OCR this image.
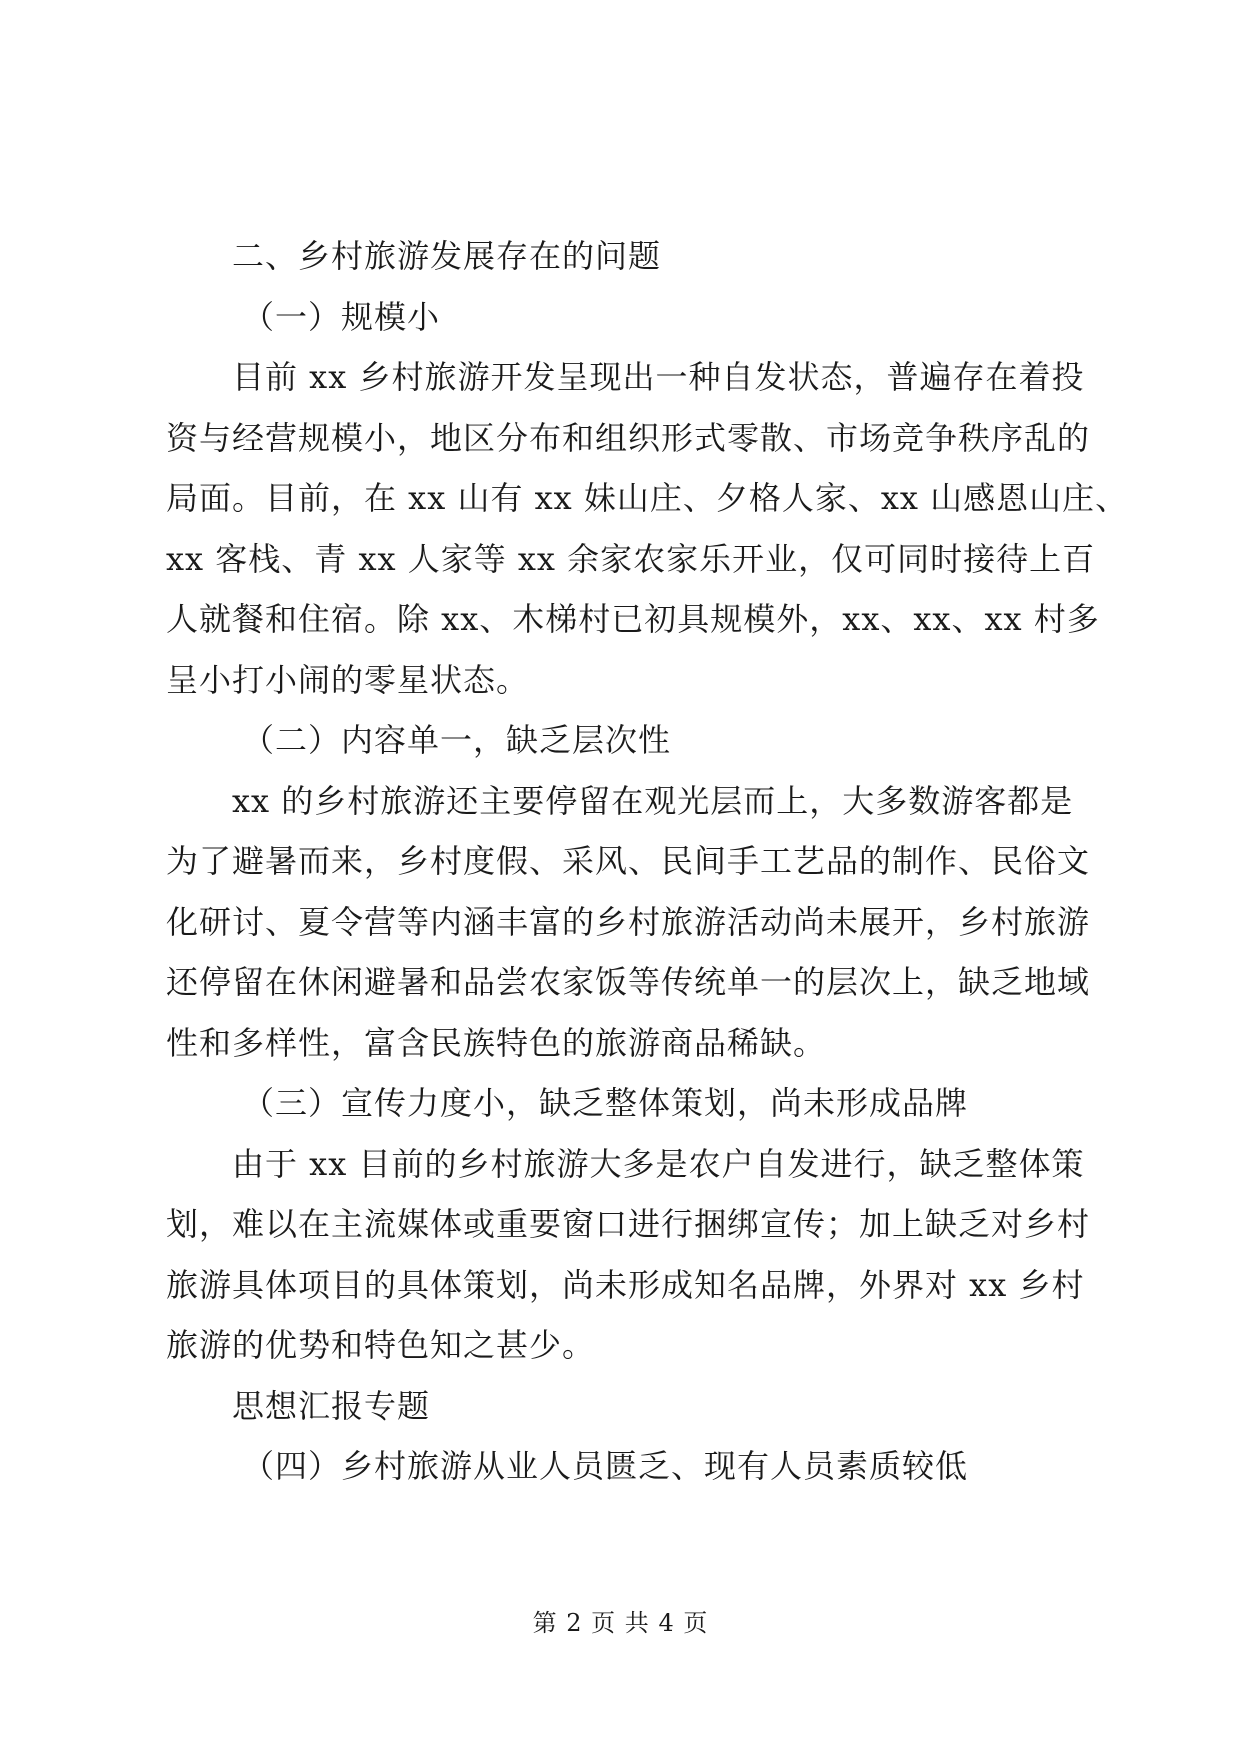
二、乡村旅游发展存在的问题
（一）规模小
目前 xx 乡村旅游开发呈现出一种自发状态，普遍存在着投
资与经营规模小，地区分布和组织形式零散、市场竞争秩序乱的
局面。目前，在 xx 山有 xx 妹山庄、夕格人家、xx 山感恩山庄、
xx 客栈、青 xx 人家等 xx 余家农家乐开业，仅可同时接待上百
人就餐和住宿。除 xx、木梯村已初具规模外，xx、xx、xx 村多
呈小打小闹的零星状态。
（二）内容单一，缺乏层次性
xx 的乡村旅游还主要停留在观光层而上，大多数游客都是
为了避暑而来，乡村度假、采风、民间手工艺品的制作、民俗文
化研讨、夏令营等内涵丰富的乡村旅游活动尚未展开，乡村旅游
还停留在休闲避暑和品尝农家饭等传统单一的层次上，缺乏地域
性和多样性，富含民族特色的旅游商品稀缺。
（三）宣传力度小，缺乏整体策划，尚未形成品牌
由于 xx 目前的乡村旅游大多是农户自发进行，缺乏整体策
划，难以在主流媒体或重要窗口进行捆绑宣传；加上缺乏对乡村
旅游具体项目的具体策划，尚未形成知名品牌，外界对 xx 乡村
旅游的优势和特色知之甚少。
思想汇报专题
（四）乡村旅游从业人员匮乏、现有人员素质较低
第 2 页 共 4 页
